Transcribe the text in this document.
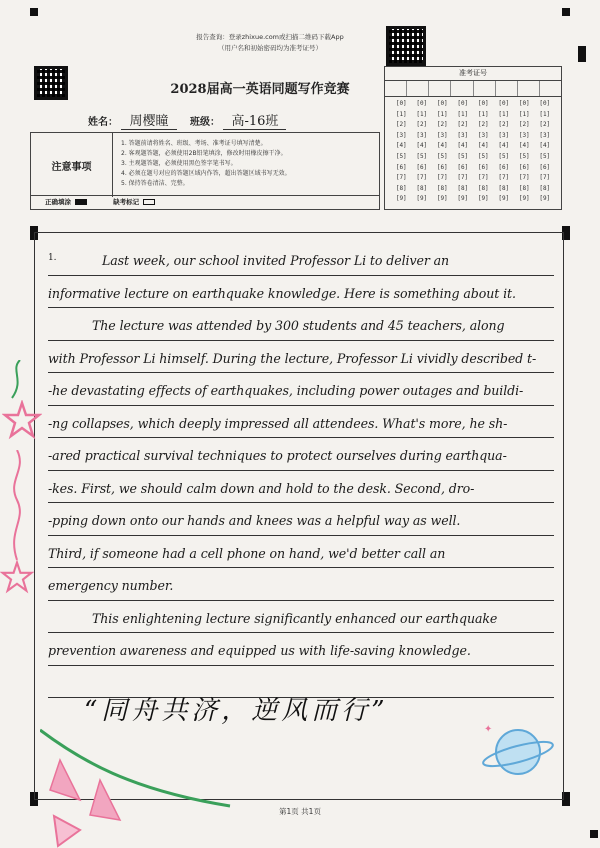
报告查询：登录zhixue.com或扫描二维码下载App
（用户名和初始密码均为准考证号）
2028届高一英语同题写作竞赛
姓名： 周樱瞳 班级： 高-16班
注意事项
1. 答题前请将姓名、班级、考场、准考证号填写清楚。
2. 客观题答题，必须使用2B铅笔填涂，修改时用橡皮擦干净。
3. 主观题答题，必须使用黑色签字笔书写。
4. 必须在题号对应的答题区域内作答，超出答题区域书写无效。
5. 保持答卷清洁、完整。
正确填涂	缺考标记
准考证号
[0]
[1]
[2]
[3]
[4]
[5]
[6]
[7]
[8]
[9]
[0]
[1]
[2]
[3]
[4]
[5]
[6]
[7]
[8]
[9]
[0]
[1]
[2]
[3]
[4]
[5]
[6]
[7]
[8]
[9]
[0]
[1]
[2]
[3]
[4]
[5]
[6]
[7]
[8]
[9]
[0]
[1]
[2]
[3]
[4]
[5]
[6]
[7]
[8]
[9]
[0]
[1]
[2]
[3]
[4]
[5]
[6]
[7]
[8]
[9]
[0]
[1]
[2]
[3]
[4]
[5]
[6]
[7]
[8]
[9]
[0]
[1]
[2]
[3]
[4]
[5]
[6]
[7]
[8]
[9]
1.	Last week, our school invited Professor Li to deliver an
informative lecture on earthquake knowledge. Here is something about it.
The lecture was attended by 300 students and 45 teachers, along
with Professor Li himself. During the lecture, Professor Li vividly described t-
-he devastating effects of earthquakes, including power outages and buildi-
-ng collapses, which deeply impressed all attendees. What's more, he sh-
-ared practical survival techniques to protect ourselves during earthqua-
-kes. First, we should calm down and hold to the desk. Second, dro-
-pping down onto our hands and knees was a helpful way as well.
Third, if someone had a cell phone on hand, we'd better call an
emergency number.
This enlightening lecture significantly enhanced our earthquake
prevention awareness and equipped us with life-saving knowledge.
“同舟共济，逆风而行”
✦
第1页 共1页
